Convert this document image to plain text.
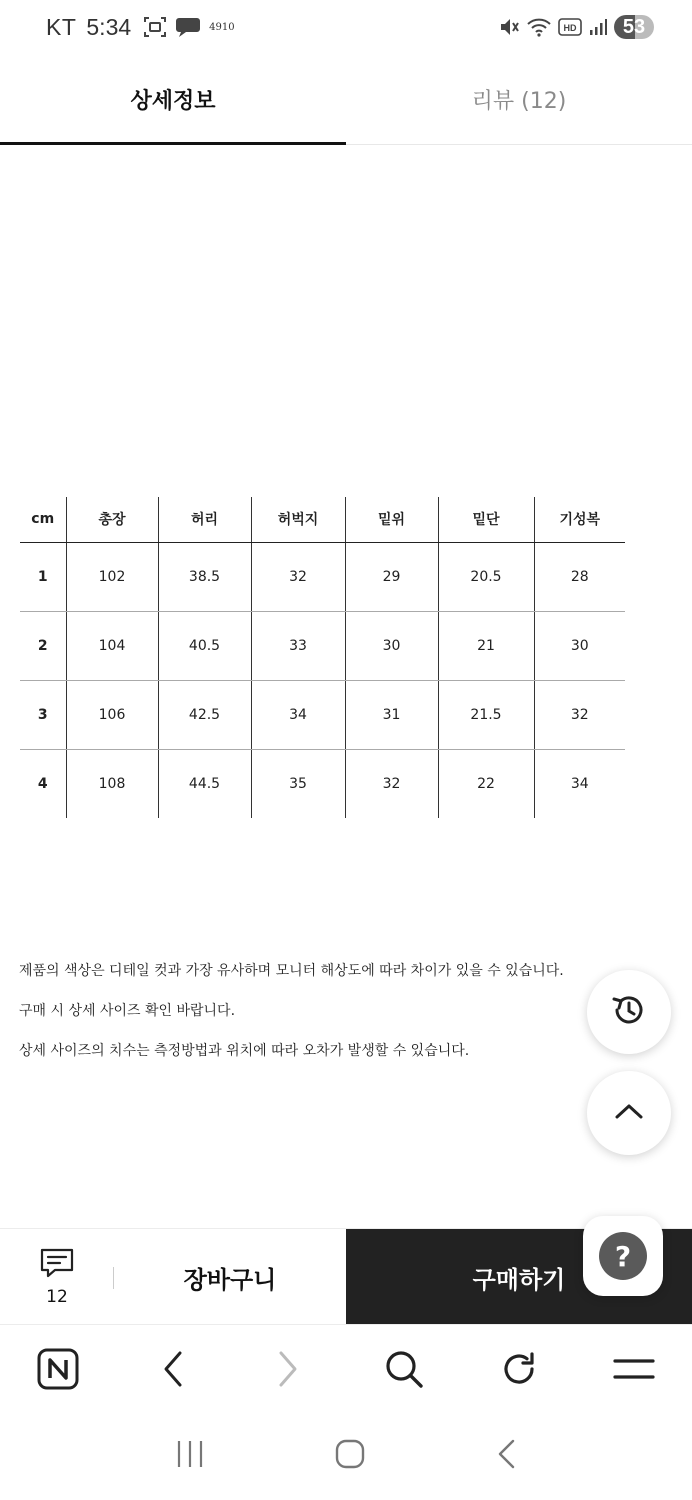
KT 5:34	4910	HD	53
상세정보	리뷰 (12)
cm	총장	허리	허벅지	밑위	밑단	기성복
1	102	38.5	32	29	20.5	28
2	104	40.5	33	30	21	30
3	106	42.5	34	31	21.5	32
4	108	44.5	35	32	22	34

제품의 색상은 디테일 컷과 가장 유사하며 모니터 해상도에 따라 차이가 있을 수 있습니다.

구매 시 상세 사이즈 확인 바랍니다.

상세 사이즈의 치수는 측정방법과 위치에 따라 오차가 발생할 수 있습니다.

12
장바구니	구매하기
?
